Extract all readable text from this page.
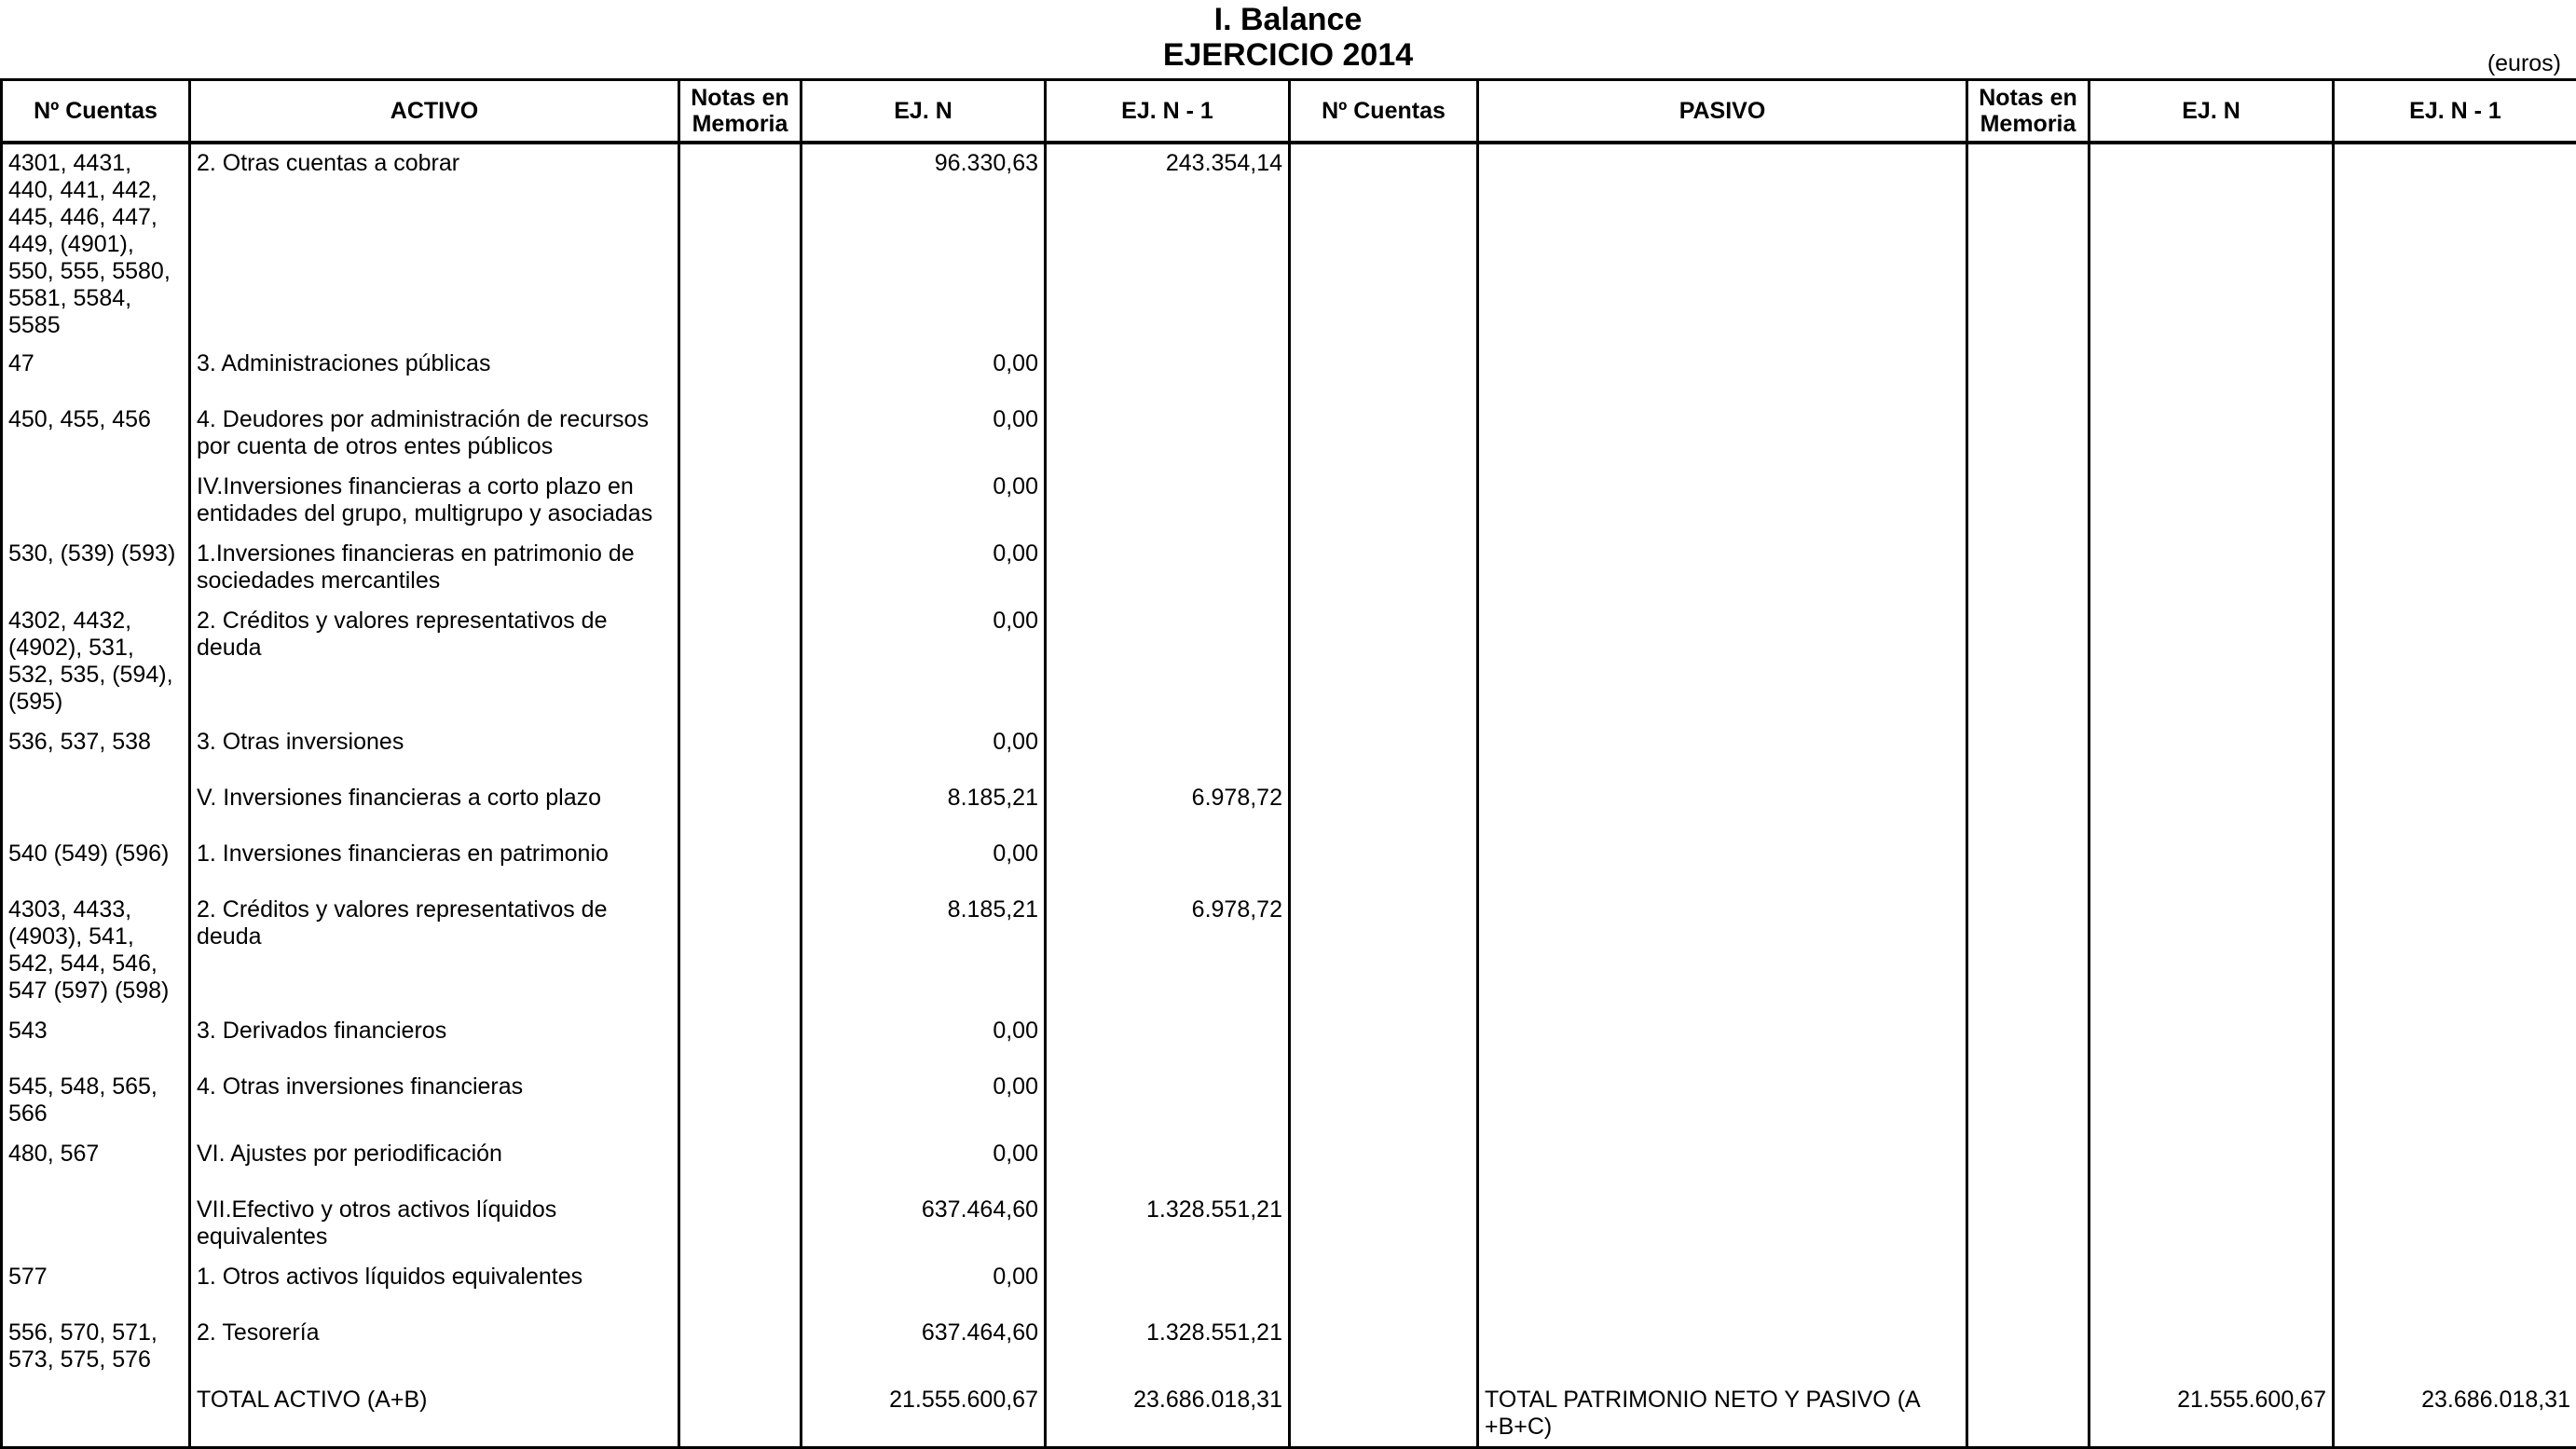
I. Balance
EJERCICIO 2014	(euros)
Nº Cuentas	ACTIVO	Notas en Memoria	EJ. N	EJ. N - 1	Nº Cuentas	PASIVO	Notas en Memoria	EJ. N	EJ. N - 1
4301, 4431, 440, 441, 442, 445, 446, 447, 449, (4901), 550, 555, 5580, 5581, 5584, 5585	2. Otras cuentas a cobrar		96.330,63	243.354,14					
47	3. Administraciones públicas		0,00						
450, 455, 456	4. Deudores por administración de recursos por cuenta de otros entes públicos		0,00						
	IV.Inversiones financieras a corto plazo en entidades del grupo, multigrupo y asociadas		0,00						
530, (539) (593)	1.Inversiones financieras en patrimonio de sociedades mercantiles		0,00						
4302, 4432, (4902), 531, 532, 535, (594), (595)	2. Créditos y valores representativos de deuda		0,00						
536, 537, 538	3. Otras inversiones		0,00						
	V. Inversiones financieras a corto plazo		8.185,21	6.978,72					
540 (549) (596)	1. Inversiones financieras en patrimonio		0,00						
4303, 4433, (4903), 541, 542, 544, 546, 547 (597) (598)	2. Créditos y valores representativos de deuda		8.185,21	6.978,72					
543	3. Derivados financieros		0,00						
545, 548, 565, 566	4. Otras inversiones financieras		0,00						
480, 567	VI. Ajustes por periodificación		0,00						
	VII.Efectivo y otros activos líquidos equivalentes		637.464,60	1.328.551,21					
577	1. Otros activos líquidos equivalentes		0,00						
556, 570, 571, 573, 575, 576	2. Tesorería		637.464,60	1.328.551,21					
	TOTAL ACTIVO (A+B)		21.555.600,67	23.686.018,31		TOTAL PATRIMONIO NETO Y PASIVO (A +B+C)		21.555.600,67	23.686.018,31
